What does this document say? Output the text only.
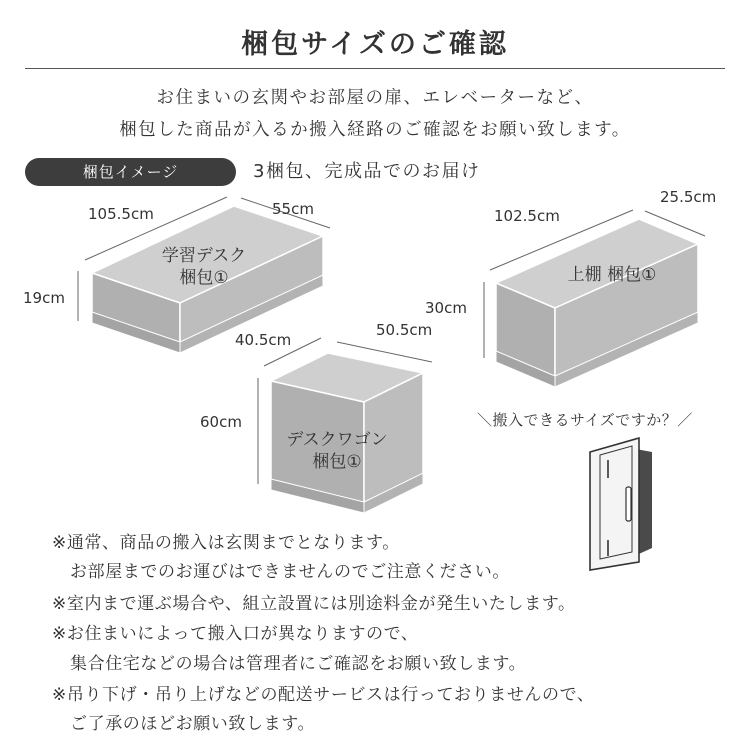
梱包サイズのご確認
お住まいの玄関やお部屋の扉、エレベーターなど、
梱包した商品が入るか搬入経路のご確認をお願い致します。
梱包イメージ	3梱包、完成品でのお届け
105.5cm	55cm
19cm
学習デスク
梱包①
102.5cm
25.5cm
30cm
上棚 梱包①
40.5cm
50.5cm
60cm
デスクワゴン
梱包①
＼搬入できるサイズですか？／
※通常、商品の搬入は玄関までとなります。
お部屋までのお運びはできませんのでご注意ください。
※室内まで運ぶ場合や、組立設置には別途料金が発生いたします。
※お住まいによって搬入口が異なりますので、
集合住宅などの場合は管理者にご確認をお願い致します。
※吊り下げ・吊り上げなどの配送サービスは行っておりませんので、
ご了承のほどお願い致します。
